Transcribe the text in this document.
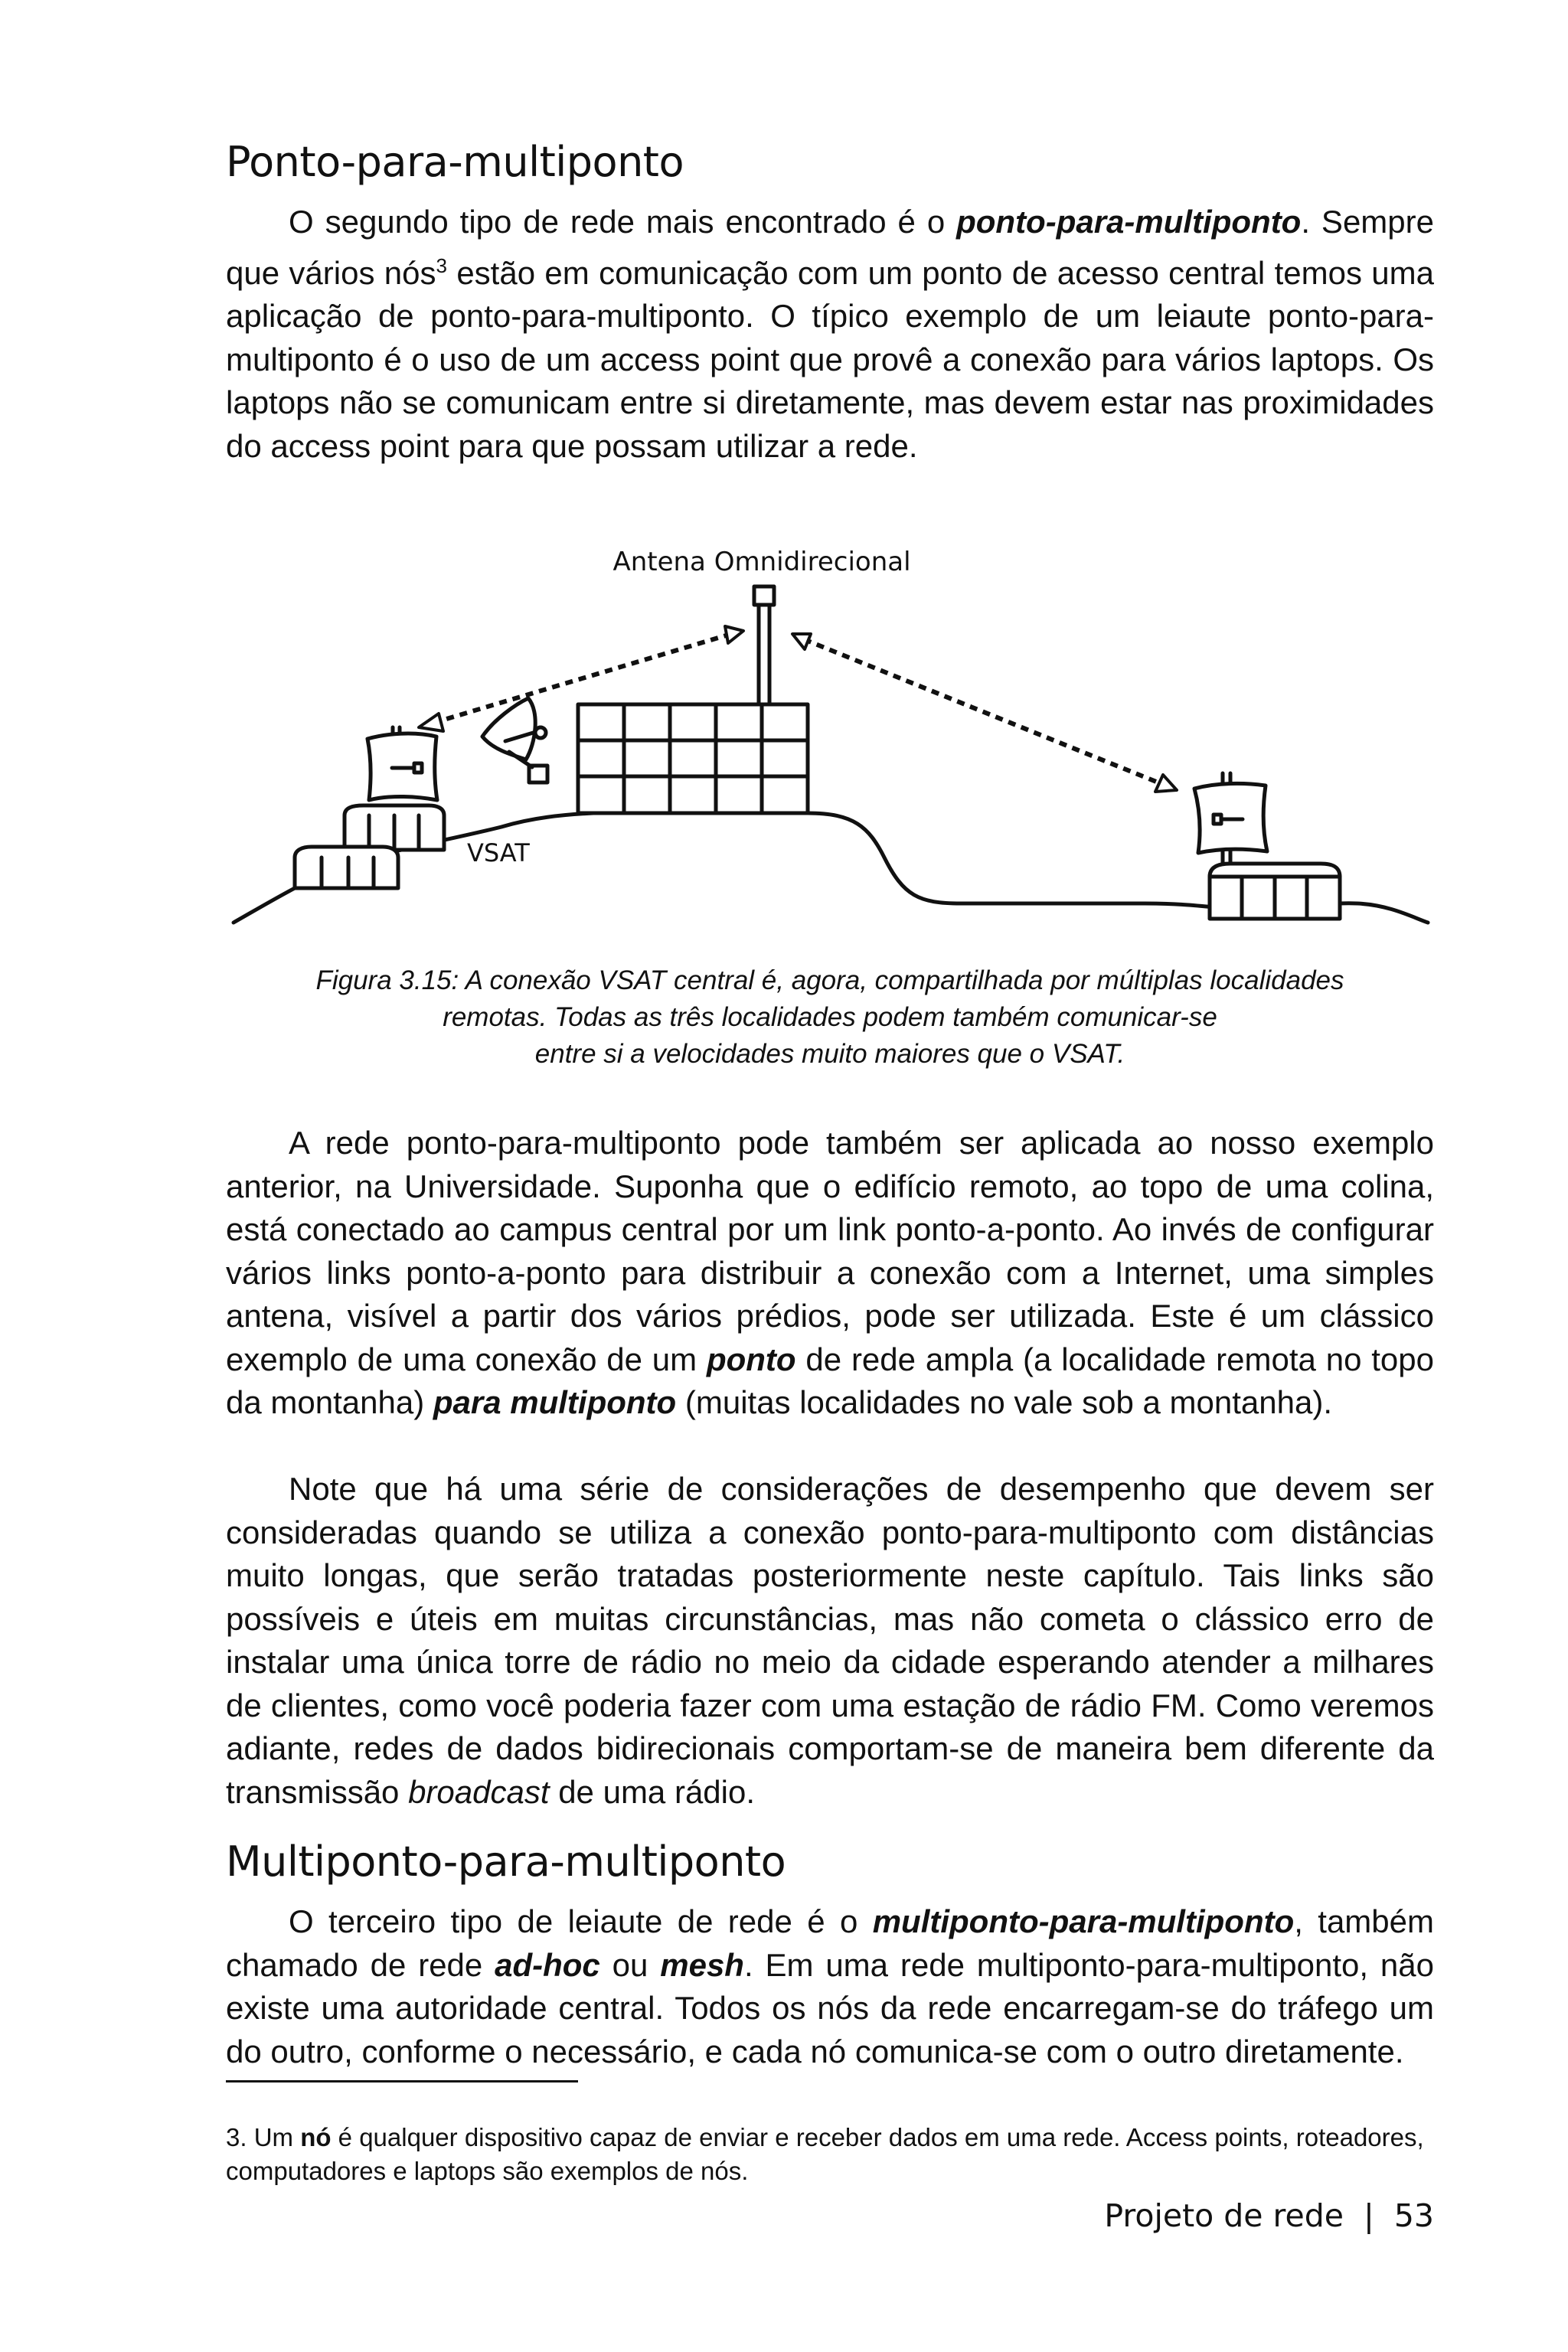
Ponto-para-multiponto

O segundo tipo de rede mais encontrado é o ponto-para-multiponto. Sempre que vários nós$^3$ estão em comunicação com um ponto de acesso central temos uma aplicação de ponto-para-multiponto. O típico exemplo de um leiaute ponto-para-multiponto é o uso de um access point que provê a conexão para vários laptops. Os laptops não se comunicam entre si diretamente, mas devem estar nas proximidades do access point para que possam utilizar a rede.

Antena Omnidirecional
VSAT

Figura 3.15: A conexão VSAT central é, agora, compartilhada por múltiplas localidades
remotas. Todas as três localidades podem também comunicar-se
entre si a velocidades muito maiores que o VSAT.

A rede ponto-para-multiponto pode também ser aplicada ao nosso exemplo anterior, na Universidade. Suponha que o edifício remoto, ao topo de uma colina, está conectado ao campus central por um link ponto-a-ponto. Ao invés de configurar vários links ponto-a-ponto para distribuir a conexão com a Internet, uma simples antena, visível a partir dos vários prédios, pode ser utilizada. Este é um clássico exemplo de uma conexão de um ponto de rede ampla (a localidade remota no topo da montanha) para multiponto (muitas localidades no vale sob a montanha).

Note que há uma série de considerações de desempenho que devem ser consideradas quando se utiliza a conexão ponto-para-multiponto com distâncias muito longas, que serão tratadas posteriormente neste capítulo. Tais links são possíveis e úteis em muitas circunstâncias, mas não cometa o clássico erro de instalar uma única torre de rádio no meio da cidade esperando atender a milhares de clientes, como você poderia fazer com uma estação de rádio FM. Como veremos adiante, redes de dados bidirecionais comportam-se de maneira bem diferente da transmissão broadcast de uma rádio.

Multiponto-para-multiponto

O terceiro tipo de leiaute de rede é o multiponto-para-multiponto, também chamado de rede ad-hoc ou mesh. Em uma rede multiponto-para-multiponto, não existe uma autoridade central. Todos os nós da rede encarregam-se do tráfego um do outro, conforme o necessário, e cada nó comunica-se com o outro diretamente.

3. Um nó é qualquer dispositivo capaz de enviar e receber dados em uma rede. Access points, roteadores, computadores e laptops são exemplos de nós.

Projeto de rede | 53
